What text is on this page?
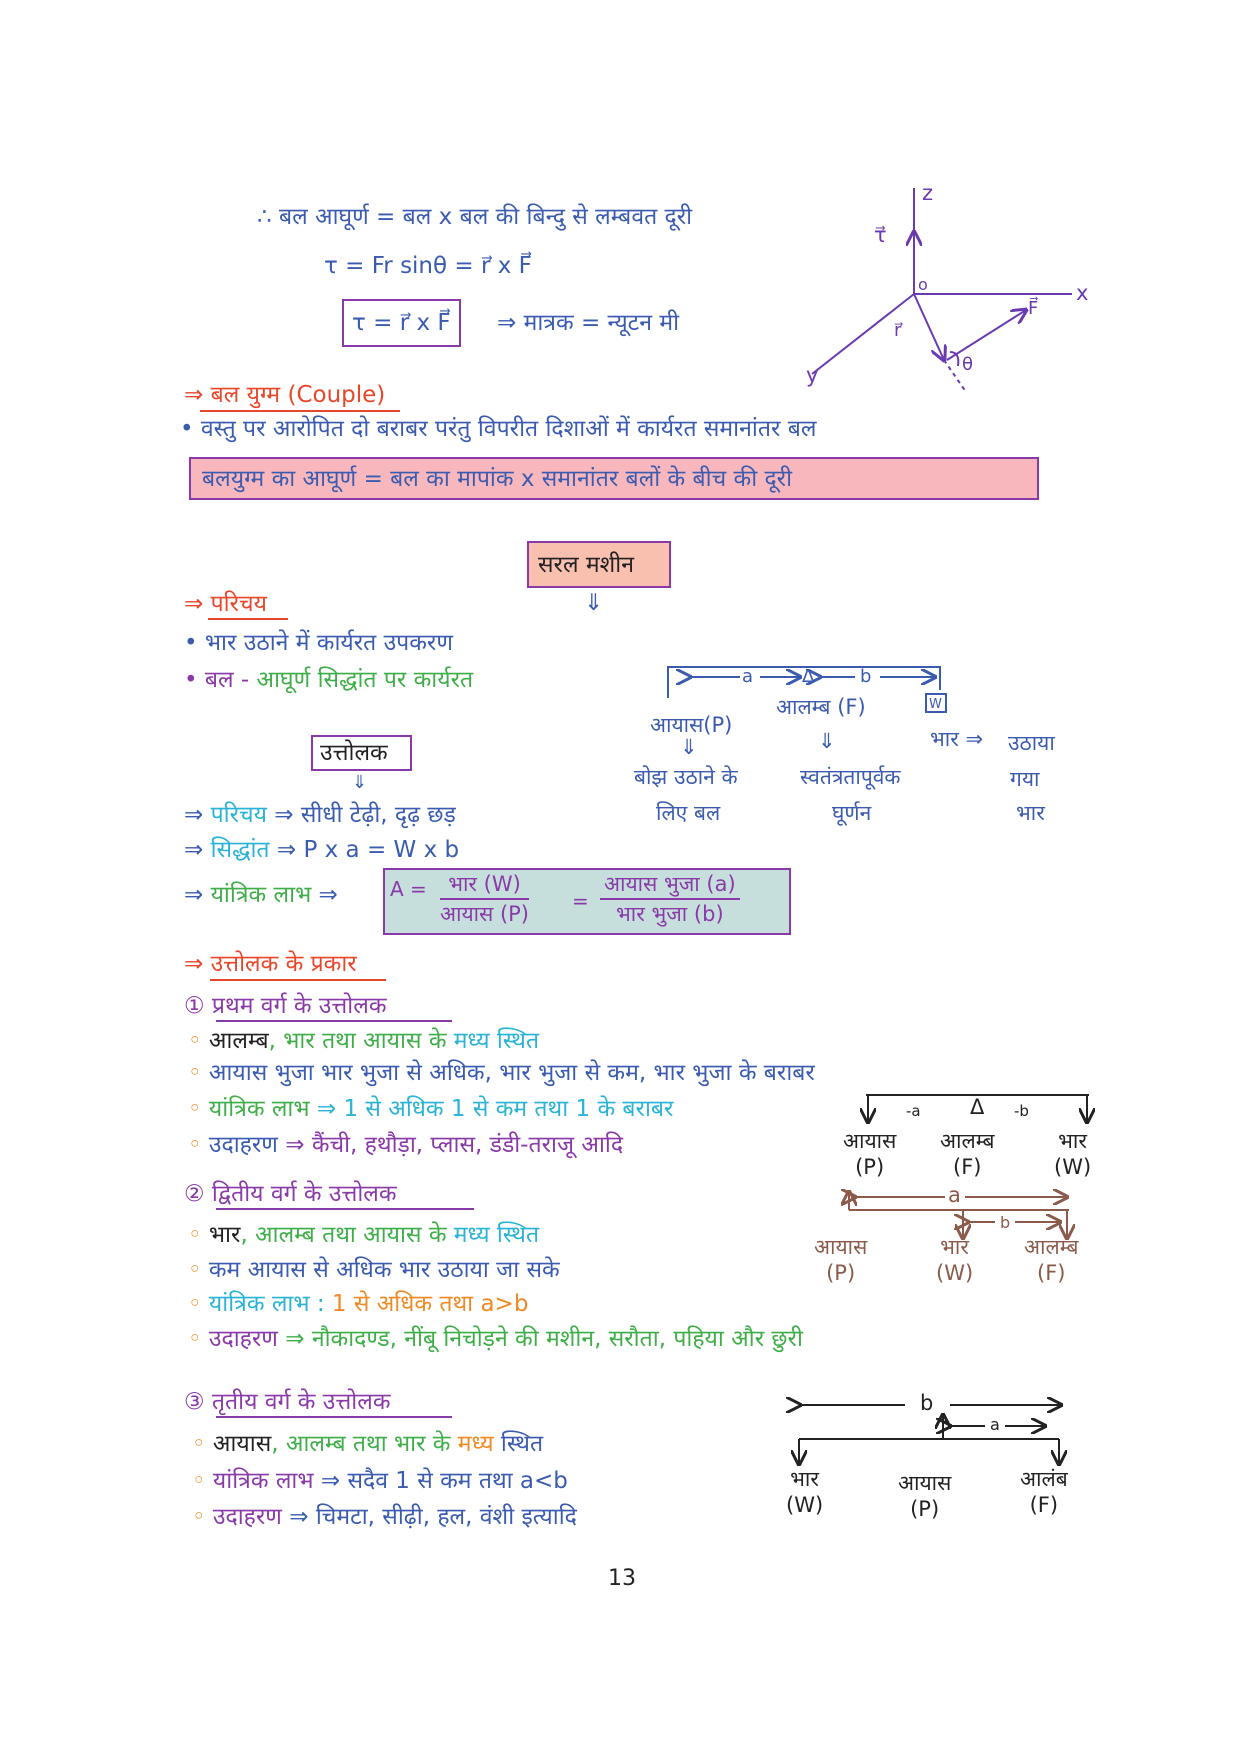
∴ बल आघूर्ण = बल x बल की बिन्दु से लम्बवत दूरी
τ = Fr sinθ = r⃗ x F⃗
τ = r⃗ x F⃗ ⇒ मात्रक = न्यूटन मी
z
x
y
o
τ⃗
r⃗
F⃗
θ
⇒ बल युग्म (Couple)
• वस्तु पर आरोपित दो बराबर परंतु विपरीत दिशाओं में कार्यरत समानांतर बल
बलयुग्म का आघूर्ण = बल का मापांक x समानांतर बलों के बीच की दूरी
सरल मशीन
⇓
⇒ परिचय
• भार उठाने में कार्यरत उपकरण
• बल - आघूर्ण सिद्धांत पर कार्यरत	a	Δ	b
W
आलम्ब (F)
आयास(P)
⇓	⇓	भार ⇒ उठाया
गया
भार
बोझ उठाने के
लिए बल
स्वतंत्रतापूर्वक
घूर्णन
उत्तोलक
⇓
⇒ परिचय ⇒ सीधी टेढ़ी, दृढ़ छड़
⇒ सिद्धांत ⇒ P x a = W x b
⇒ यांत्रिक लाभ ⇒	A =	भार (W)
आयास (P)
=
आयास भुजा (a)
भार भुजा (b)
⇒ उत्तोलक के प्रकार
① प्रथम वर्ग के उत्तोलक
◦ आलम्ब, भार तथा आयास के मध्य स्थित
◦ आयास भुजा भार भुजा से अधिक, भार भुजा से कम, भार भुजा के बराबर
◦ यांत्रिक लाभ ⇒ 1 से अधिक 1 से कम तथा 1 के बराबर
◦ उदाहरण ⇒ कैंची, हथौड़ा, प्लास, डंडी-तराजू आदि
-a Δ -b
आयास
(P)
आलम्ब
(F)
भार
(W)
② द्वितीय वर्ग के उत्तोलक
◦ भार, आलम्ब तथा आयास के मध्य स्थित
◦ कम आयास से अधिक भार उठाया जा सके
◦ यांत्रिक लाभ : 1 से अधिक तथा a>b
◦ उदाहरण ⇒ नौकादण्ड, नींबू निचोड़ने की मशीन, सरौता, पहिया और छुरी
a
b
आयास
(P)
भार
(W)
आलम्ब
(F)
③ तृतीय वर्ग के उत्तोलक
◦ आयास, आलम्ब तथा भार के मध्य स्थित
◦ यांत्रिक लाभ ⇒ सदैव 1 से कम तथा a<b
◦ उदाहरण ⇒ चिमटा, सीढ़ी, हल, वंशी इत्यादि
b
a
भार
(W)
आयास
(P)
आलंब
(F)
13
